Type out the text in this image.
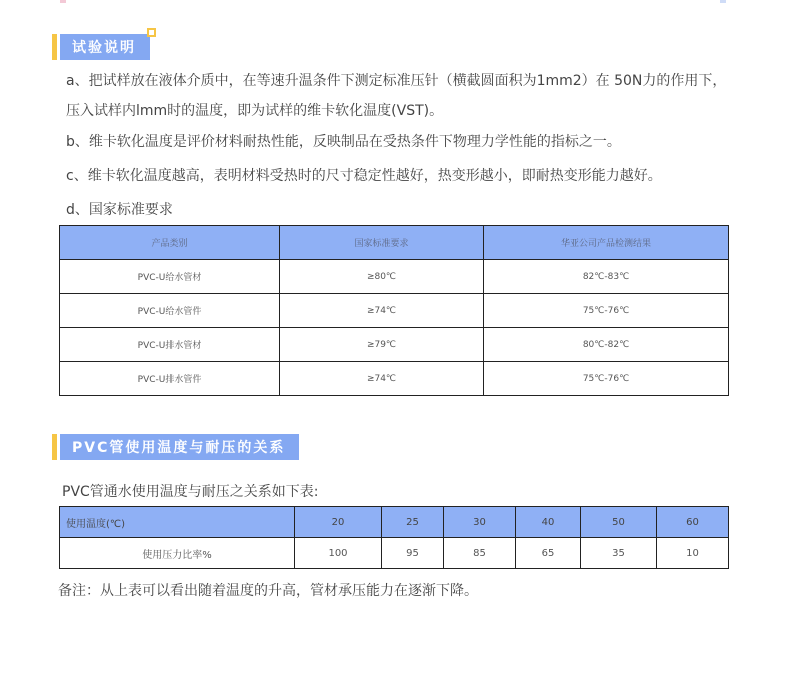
试验说明

a、把试样放在液体介质中，在等速升温条件下测定标准压针（横截圆面积为1mm2）在 50N力的作用下， 压入试样内lmm时的温度，即为试样的维卡软化温度(VST)。

b、维卡软化温度是评价材料耐热性能，反映制品在受热条件下物理力学性能的指标之一。

c、维卡软化温度越高，表明材料受热时的尺寸稳定性越好，热变形越小，即耐热变形能力越好。

d、国家标准要求

产品类别	国家标准要求	华亚公司产品检测结果
PVC-U给水管材	≥80℃	82℃-83℃
PVC-U给水管件	≥74℃	75℃-76℃
PVC-U排水管材	≥79℃	80℃-82℃
PVC-U排水管件	≥74℃	75℃-76℃
PVC管使用温度与耐压的关系

PVC管通水使用温度与耐压之关系如下表:

使用温度(℃)	20	25	30	40	50	60
使用压力比率%	100	95	85	65	35	10

备注：从上表可以看出随着温度的升高，管材承压能力在逐渐下降。
